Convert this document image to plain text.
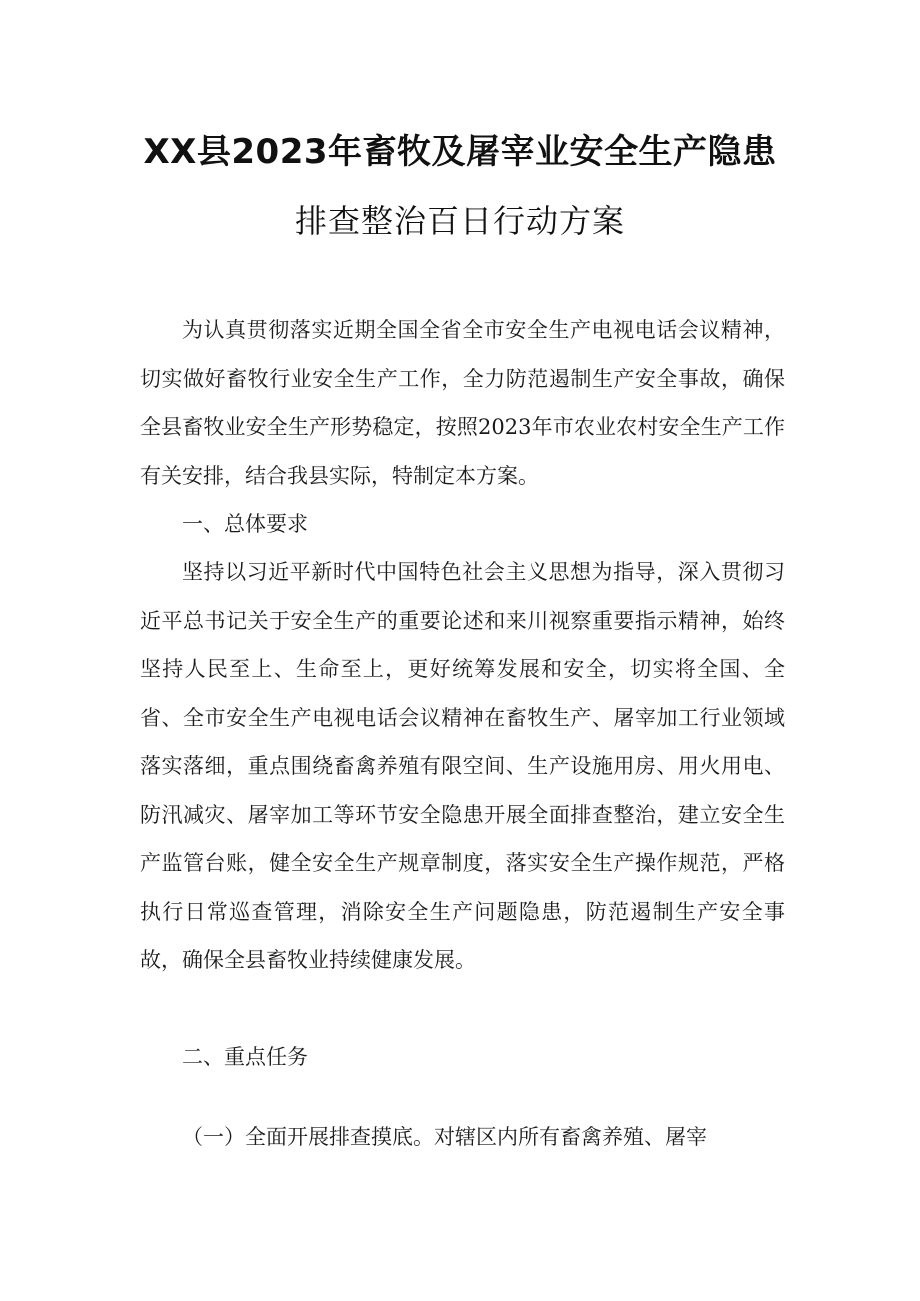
XX县2023年畜牧及屠宰业安全生产隐患
排查整治百日行动方案

为认真贯彻落实近期全国全省全市安全生产电视电话会议精神，切实做好畜牧行业安全生产工作，全力防范遏制生产安全事故，确保全县畜牧业安全生产形势稳定，按照2023年市农业农村安全生产工作有关安排，结合我县实际，特制定本方案。

一、总体要求

坚持以习近平新时代中国特色社会主义思想为指导，深入贯彻习近平总书记关于安全生产的重要论述和来川视察重要指示精神，始终坚持人民至上、生命至上，更好统筹发展和安全，切实将全国、全省、全市安全生产电视电话会议精神在畜牧生产、屠宰加工行业领域落实落细，重点围绕畜禽养殖有限空间、生产设施用房、用火用电、防汛减灾、屠宰加工等环节安全隐患开展全面排查整治，建立安全生产监管台账，健全安全生产规章制度，落实安全生产操作规范，严格执行日常巡查管理，消除安全生产问题隐患，防范遏制生产安全事故，确保全县畜牧业持续健康发展。

二、重点任务

（一）全面开展排查摸底。对辖区内所有畜禽养殖、屠宰
